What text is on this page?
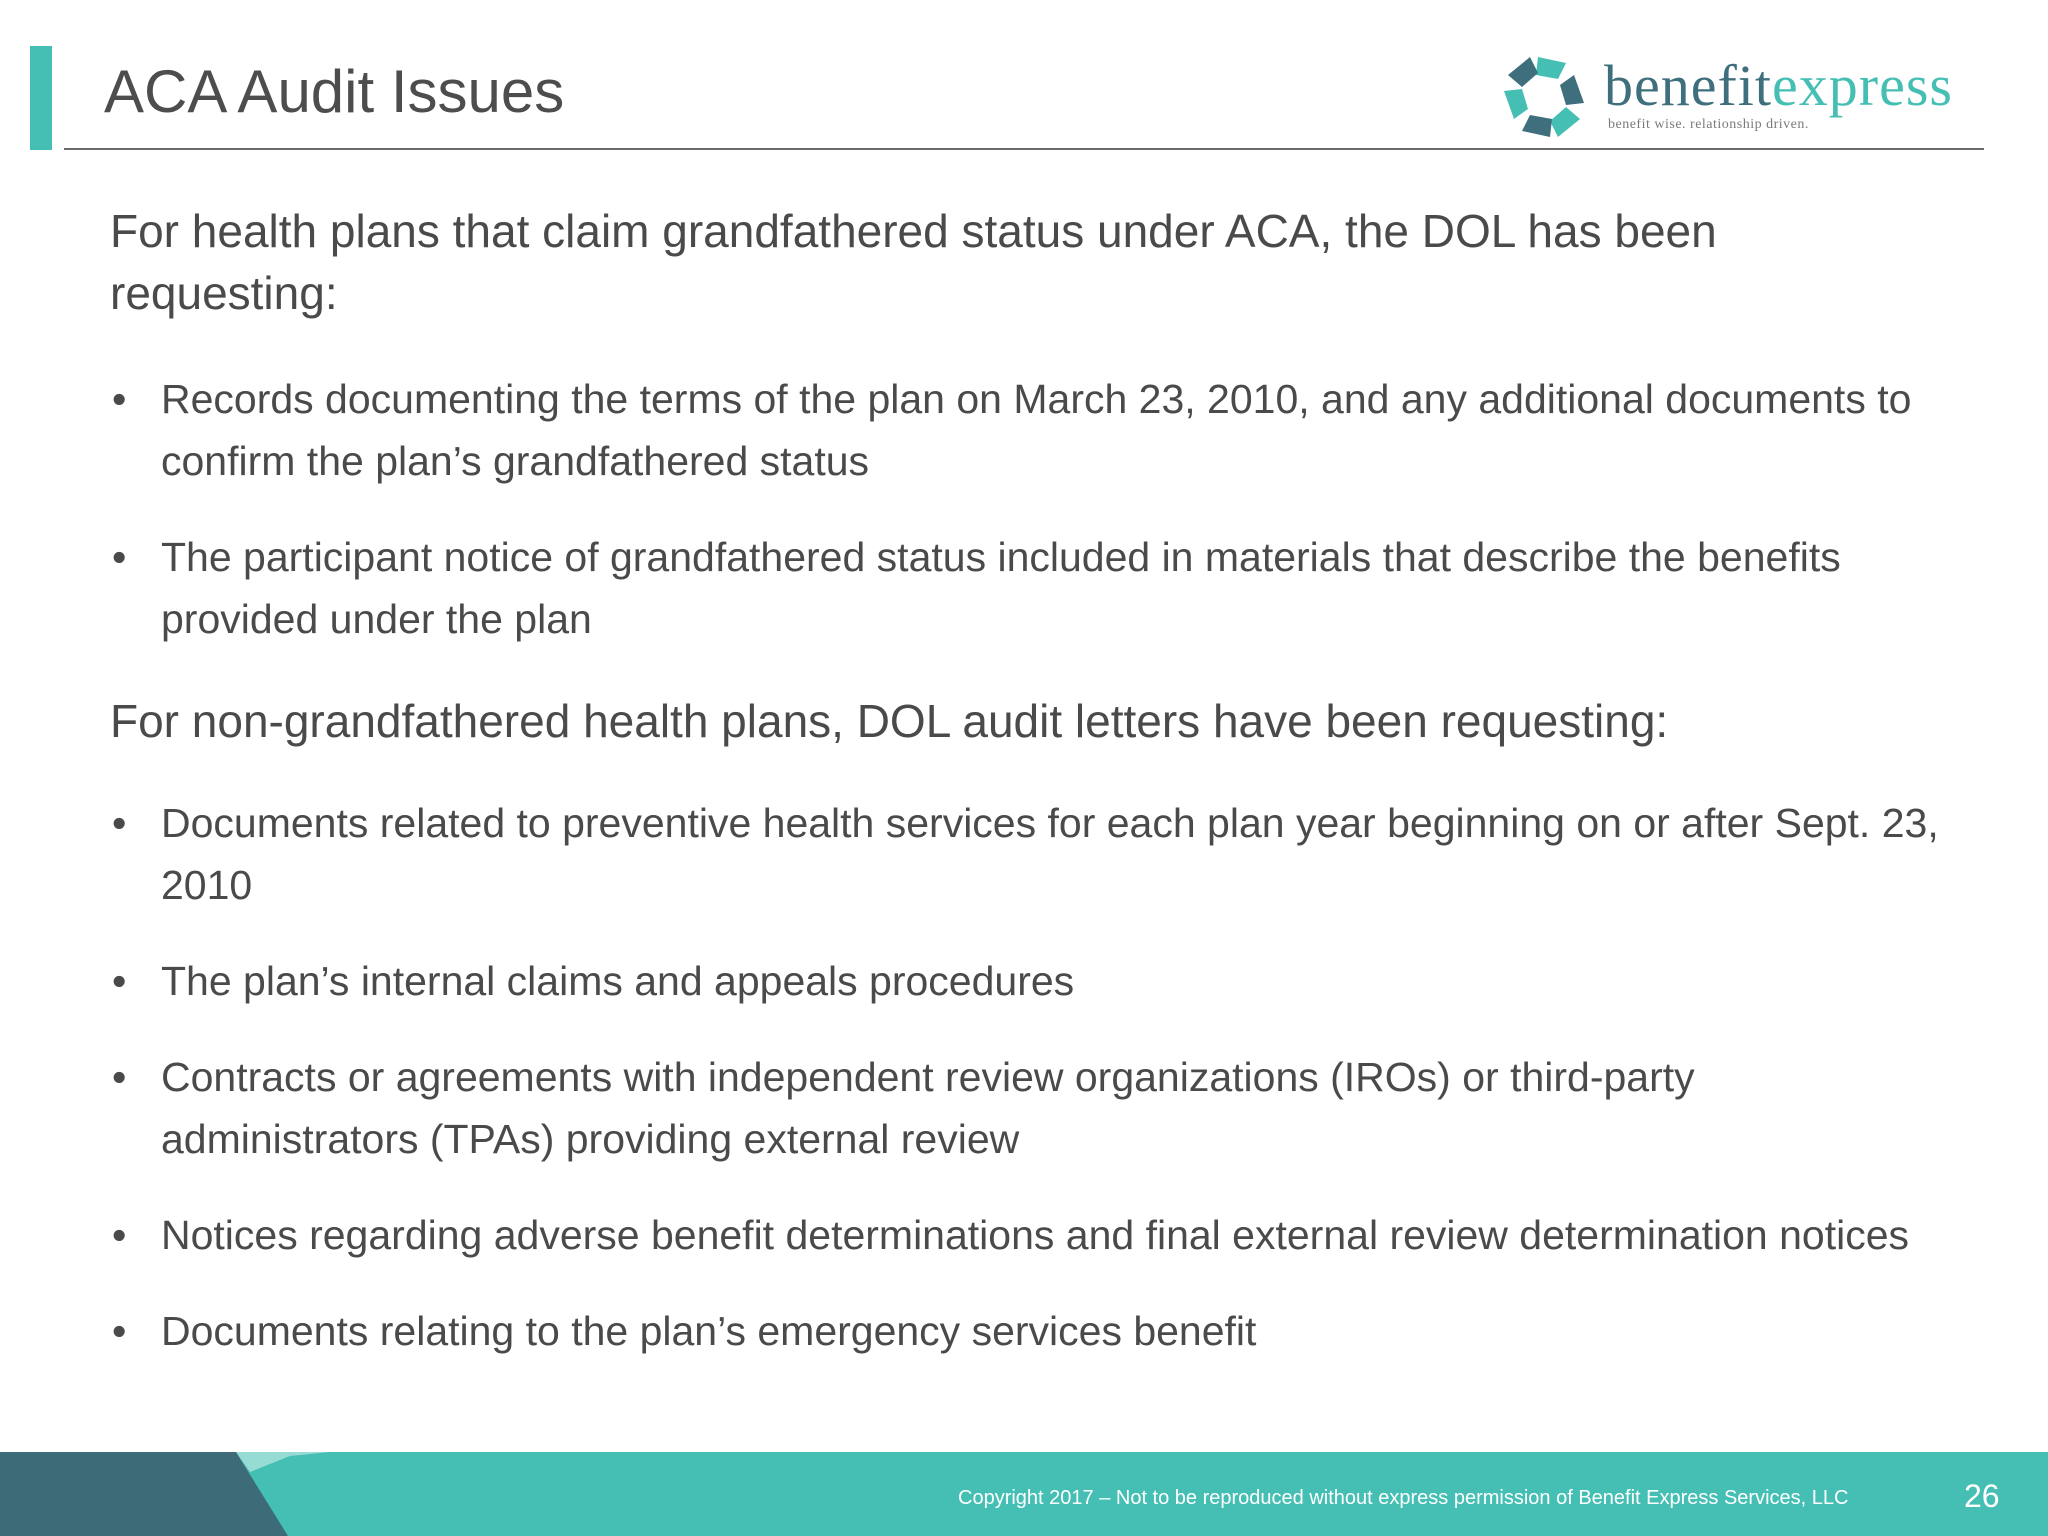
ACA Audit Issues	benefitexpress
benefit wise. relationship driven.

For health plans that claim grandfathered status under ACA, the DOL has been requesting:

• Records documenting the terms of the plan on March 23, 2010, and any additional documents to confirm the plan’s grandfathered status
• The participant notice of grandfathered status included in materials that describe the benefits provided under the plan

For non-grandfathered health plans, DOL audit letters have been requesting:

• Documents related to preventive health services for each plan year beginning on or after Sept. 23, 2010
• The plan’s internal claims and appeals procedures
• Contracts or agreements with independent review organizations (IROs) or third-party administrators (TPAs) providing external review
• Notices regarding adverse benefit determinations and final external review determination notices
• Documents relating to the plan’s emergency services benefit
Copyright 2017 – Not to be reproduced without express permission of Benefit Express Services, LLC	26
